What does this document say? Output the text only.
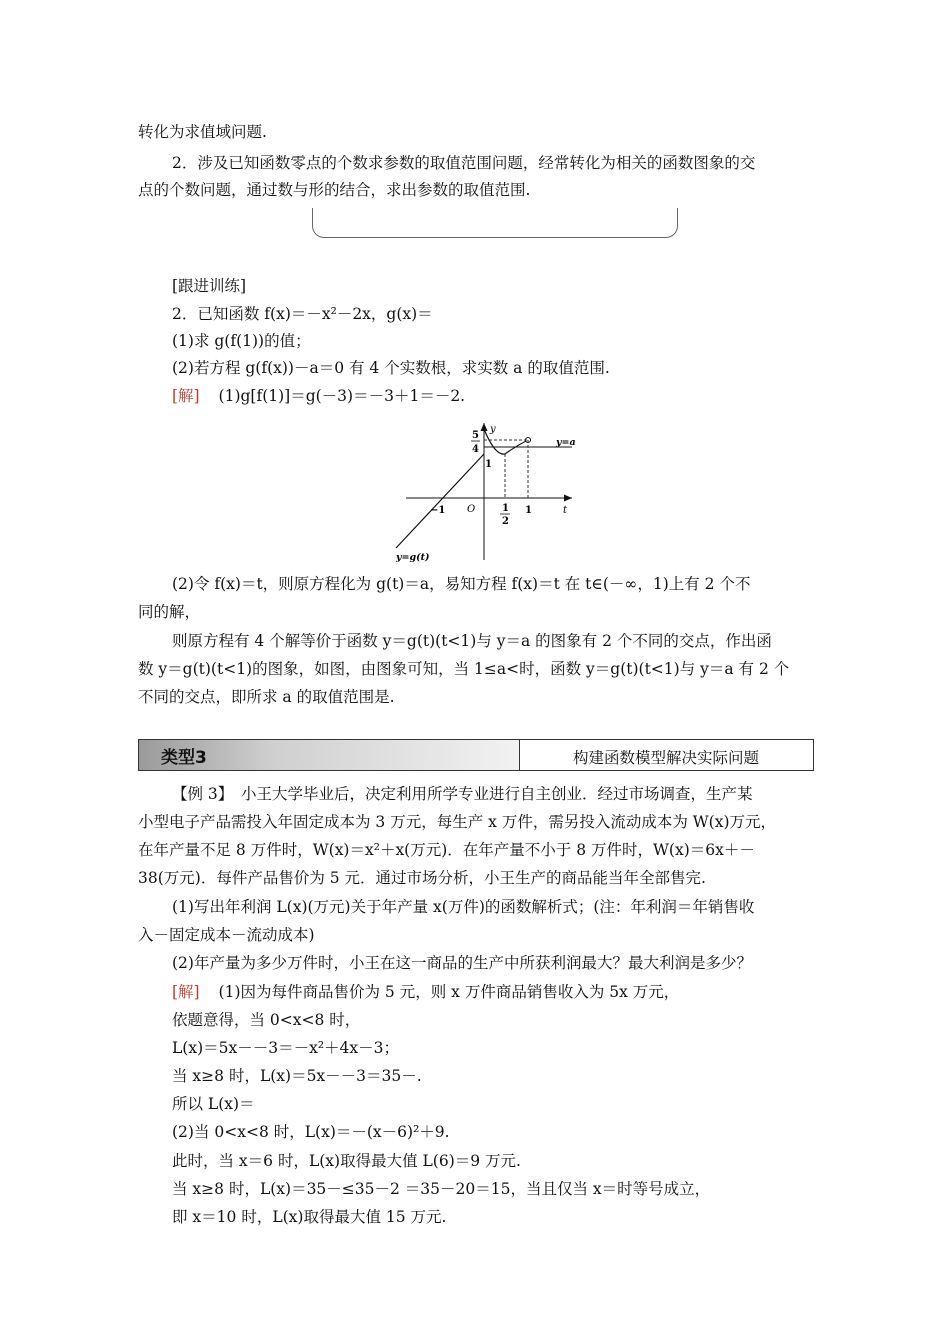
转化为求值域问题.
2．涉及已知函数零点的个数求参数的取值范围问题，经常转化为相关的函数图象的交
点的个数问题，通过数与形的结合，求出参数的取值范围.
[跟进训练]
2．已知函数 f(x)＝－x²－2x，g(x)＝
(1)求 g(f(1))的值；
(2)若方程 g(f(x))－a＝0 有 4 个实数根，求实数 a 的取值范围.
[解] (1)g[f(1)]＝g(－3)＝－3＋1＝－2.
y
t
O
5
4
1
−1	1
2
1
y=a
y=g(t)
(2)令 f(x)＝t，则原方程化为 g(t)＝a，易知方程 f(x)＝t 在 t∈(－∞，1)上有 2 个不
同的解，
则原方程有 4 个解等价于函数 y＝g(t)(t<1)与 y＝a 的图象有 2 个不同的交点，作出函
数 y＝g(t)(t<1)的图象，如图，由图象可知，当 1≤a<时，函数 y＝g(t)(t<1)与 y＝a 有 2 个
不同的交点，即所求 a 的取值范围是.
类型3	构建函数模型解决实际问题
【例 3】　小王大学毕业后，决定利用所学专业进行自主创业．经过市场调查，生产某
小型电子产品需投入年固定成本为 3 万元，每生产 x 万件，需另投入流动成本为 W(x)万元，
在年产量不足 8 万件时，W(x)＝x²＋x(万元)．在年产量不小于 8 万件时，W(x)＝6x＋－
38(万元)．每件产品售价为 5 元．通过市场分析，小王生产的商品能当年全部售完.
(1)写出年利润 L(x)(万元)关于年产量 x(万件)的函数解析式；(注：年利润＝年销售收
入－固定成本－流动成本)
(2)年产量为多少万件时，小王在这一商品的生产中所获利润最大？最大利润是多少？
[解] (1)因为每件商品售价为 5 元，则 x 万件商品销售收入为 5x 万元，
依题意得，当 0<x<8 时，
L(x)＝5x－－3＝－x²＋4x－3；
当 x≥8 时，L(x)＝5x－－3＝35－.
所以 L(x)＝
(2)当 0<x<8 时，L(x)＝－(x－6)²＋9.
此时，当 x＝6 时，L(x)取得最大值 L(6)＝9 万元.
当 x≥8 时，L(x)＝35－≤35－2 ＝35－20＝15，当且仅当 x＝时等号成立，
即 x＝10 时，L(x)取得最大值 15 万元.
